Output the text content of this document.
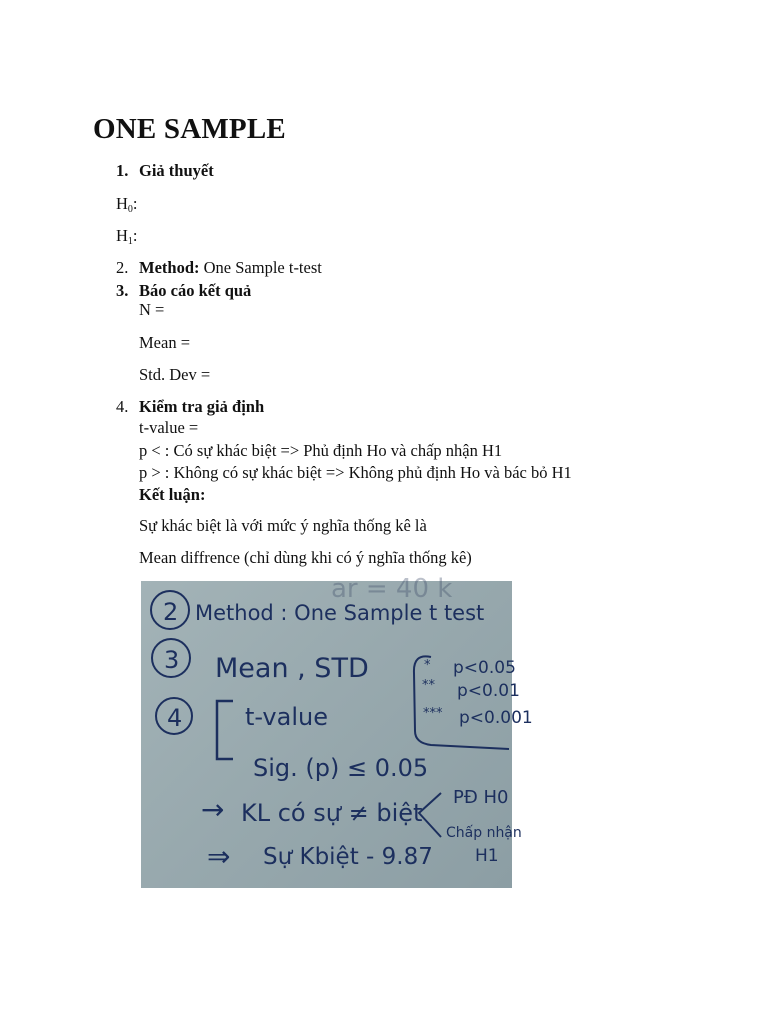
ONE SAMPLE
1. Giả thuyết
$H_0$:
$H_1$:
2. Method: One Sample t-test
3. Báo cáo kết quả
N =
Mean =
Std. Dev =
4. Kiểm tra giả định
t-value =
p < : Có sự khác biệt => Phủ định Ho và chấp nhận H1
p > : Không có sự khác biệt => Không phủ định Ho và bác bỏ H1
Kết luận:
Sự khác biệt là với mức ý nghĩa thống kê là
Mean diffrence (chỉ dùng khi có ý nghĩa thống kê)
ar = 40 k
2 Method : One Sample t test
3 Mean , STD
4	t-value
Sig. (p) ≤ 0.05
→ KL có sự ≠ biệt
⇒ Sự Kbiệt - 9.87
* p<0.05
** p<0.01
*** p<0.001
PĐ H0
Chấp nhận
H1
